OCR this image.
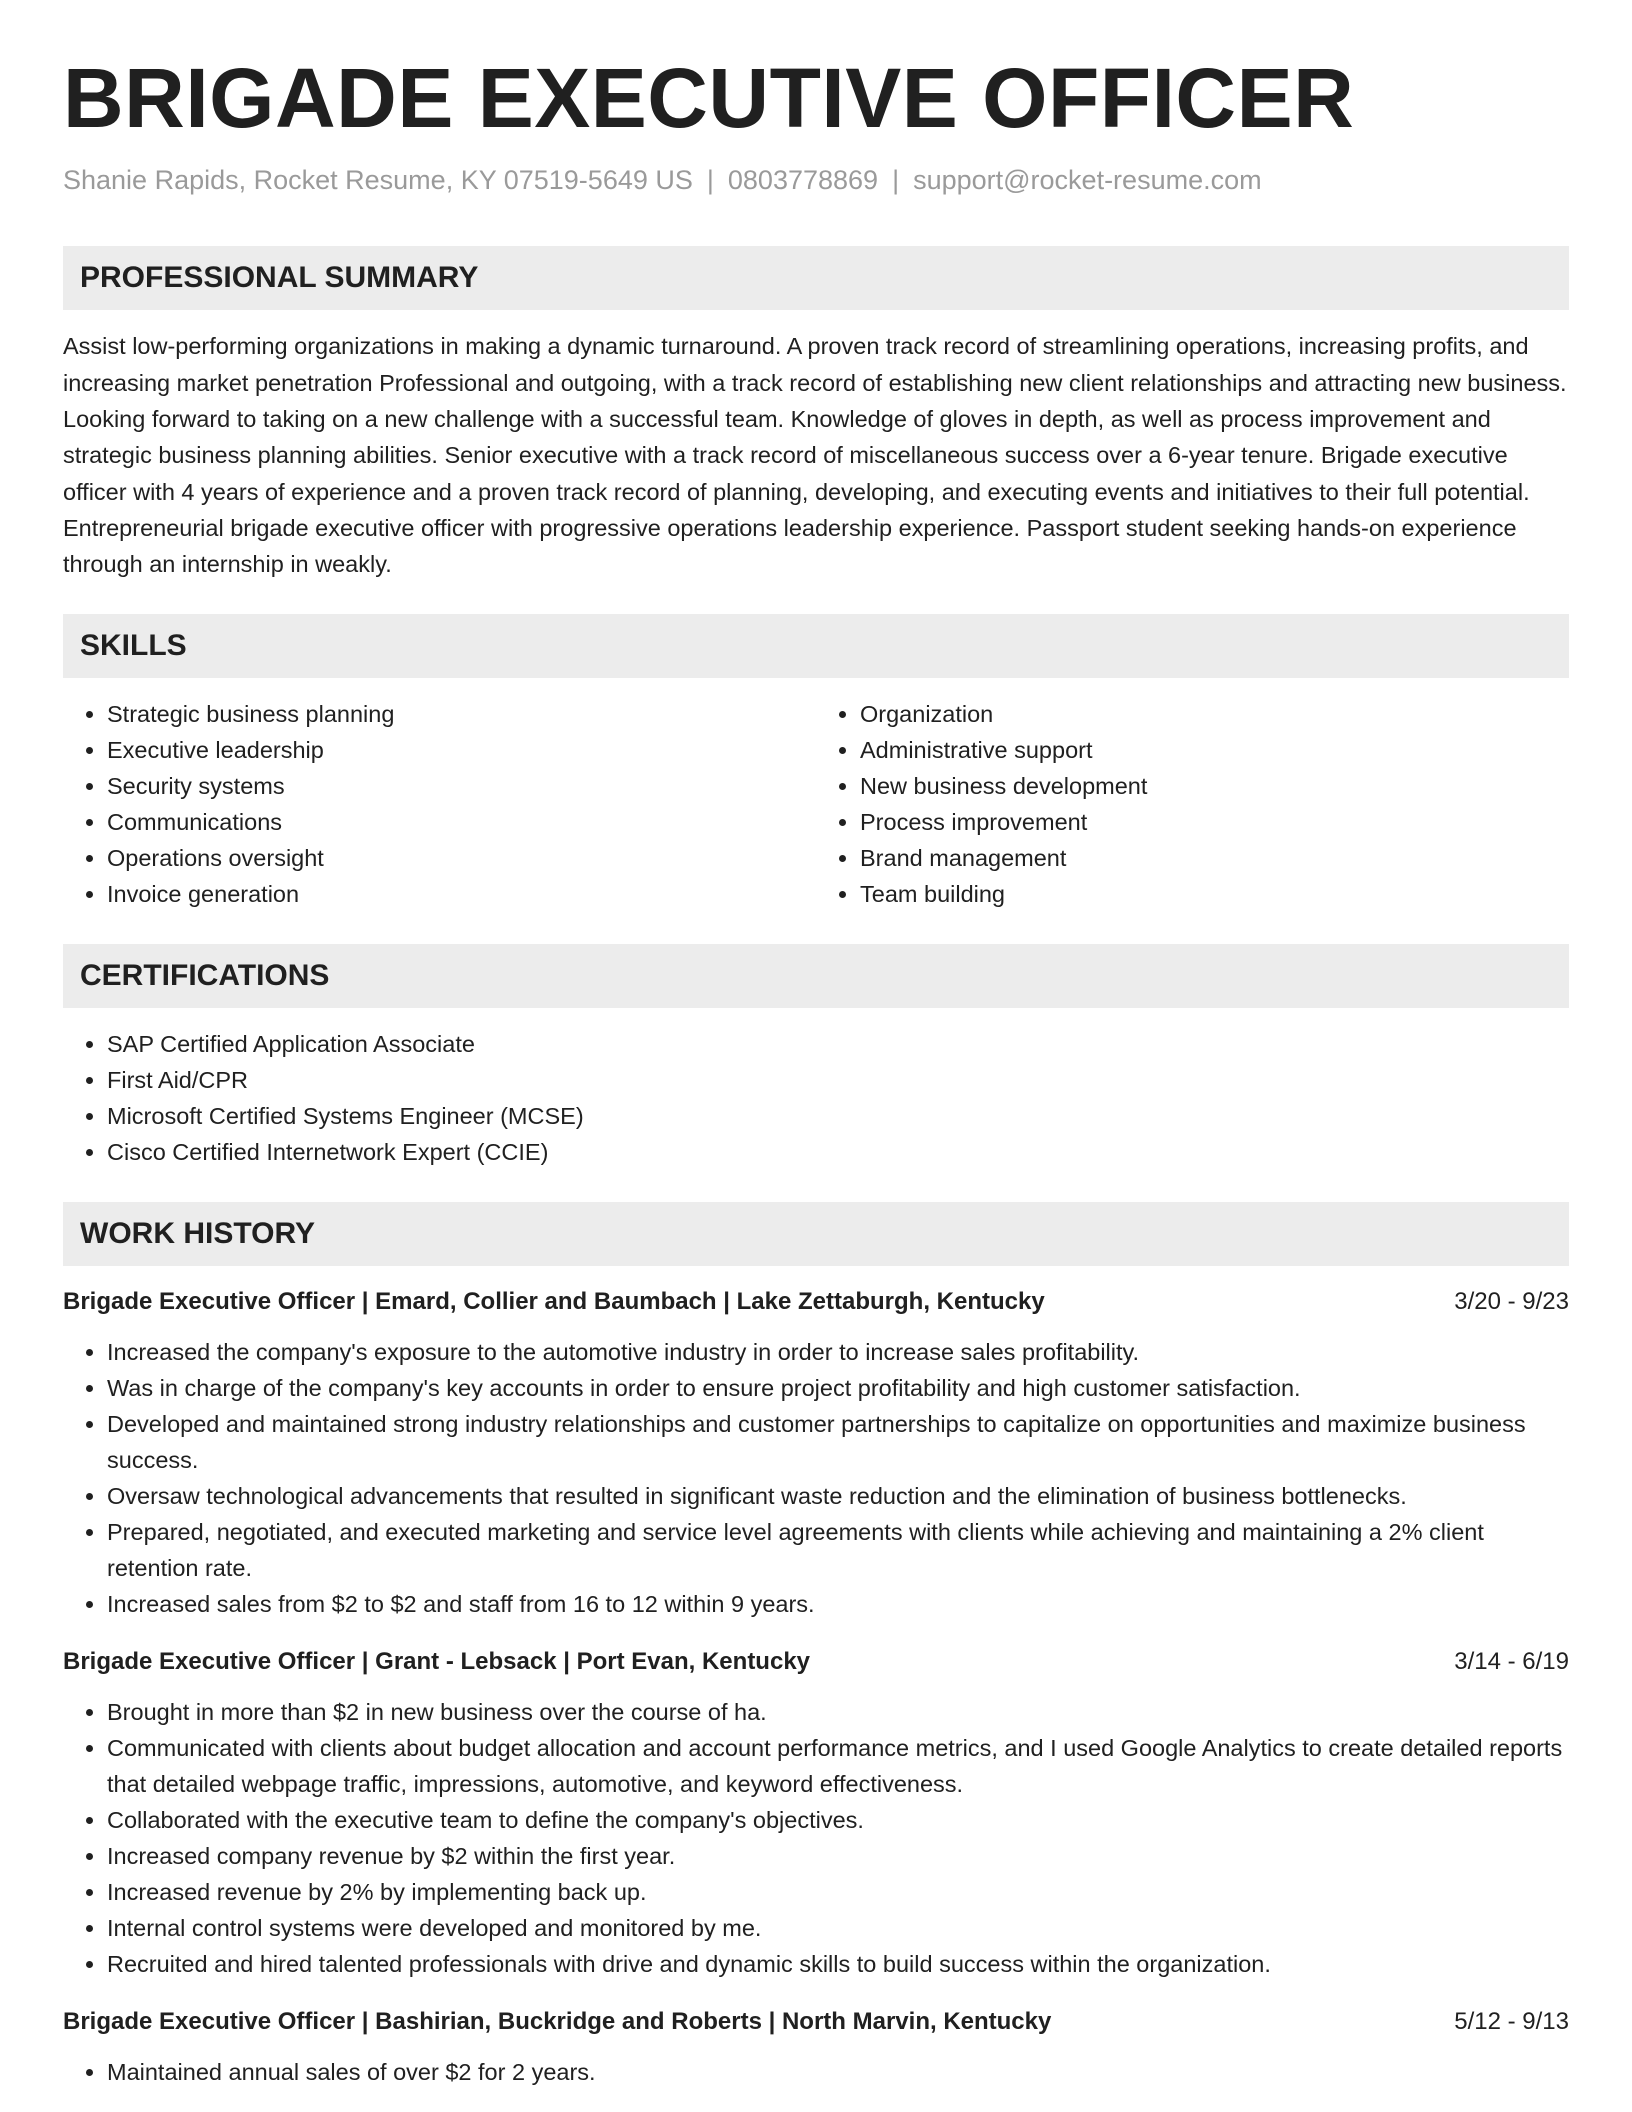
BRIGADE EXECUTIVE OFFICER
Shanie Rapids, Rocket Resume, KY 07519-5649 US | 0803778869 | support@rocket-resume.com
PROFESSIONAL SUMMARY

Assist low-performing organizations in making a dynamic turnaround. A proven track record of streamlining operations, increasing profits, and increasing market penetration Professional and outgoing, with a track record of establishing new client relationships and attracting new business. Looking forward to taking on a new challenge with a successful team. Knowledge of gloves in depth, as well as process improvement and strategic business planning abilities. Senior executive with a track record of miscellaneous success over a 6-year tenure. Brigade executive officer with 4 years of experience and a proven track record of planning, developing, and executing events and initiatives to their full potential. Entrepreneurial brigade executive officer with progressive operations leadership experience. Passport student seeking hands-on experience through an internship in weakly.

SKILLS
• Strategic business planning
• Executive leadership
• Security systems
• Communications
• Operations oversight
• Invoice generation
• Organization
• Administrative support
• New business development
• Process improvement
• Brand management
• Team building
CERTIFICATIONS
• SAP Certified Application Associate
• First Aid/CPR
• Microsoft Certified Systems Engineer (MCSE)
• Cisco Certified Internetwork Expert (CCIE)
WORK HISTORY
Brigade Executive Officer | Emard, Collier and Baumbach | Lake Zettaburgh, Kentucky	3/20 - 9/23
• Increased the company's exposure to the automotive industry in order to increase sales profitability.
• Was in charge of the company's key accounts in order to ensure project profitability and high customer satisfaction.
• Developed and maintained strong industry relationships and customer partnerships to capitalize on opportunities and maximize business success.
• Oversaw technological advancements that resulted in significant waste reduction and the elimination of business bottlenecks.
• Prepared, negotiated, and executed marketing and service level agreements with clients while achieving and maintaining a 2% client retention rate.
• Increased sales from $2 to $2 and staff from 16 to 12 within 9 years.
Brigade Executive Officer | Grant - Lebsack | Port Evan, Kentucky	3/14 - 6/19
• Brought in more than $2 in new business over the course of ha.
• Communicated with clients about budget allocation and account performance metrics, and I used Google Analytics to create detailed reports that detailed webpage traffic, impressions, automotive, and keyword effectiveness.
• Collaborated with the executive team to define the company's objectives.
• Increased company revenue by $2 within the first year.
• Increased revenue by 2% by implementing back up.
• Internal control systems were developed and monitored by me.
• Recruited and hired talented professionals with drive and dynamic skills to build success within the organization.
Brigade Executive Officer | Bashirian, Buckridge and Roberts | North Marvin, Kentucky	5/12 - 9/13
• Maintained annual sales of over $2 for 2 years.
